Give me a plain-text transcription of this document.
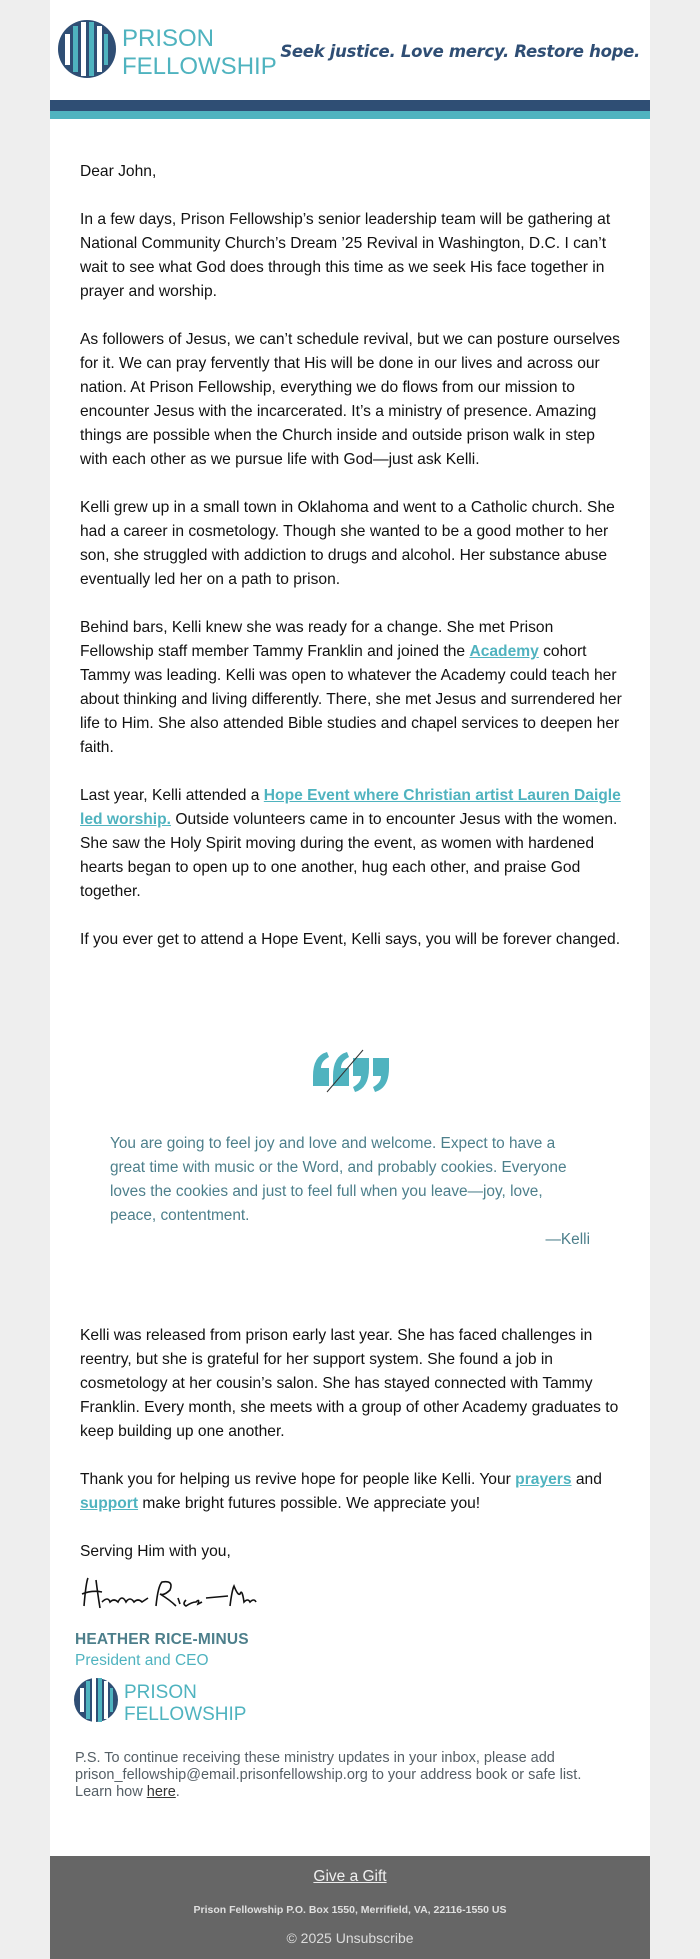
PRISON
FELLOWSHIP
Seek justice. Love mercy. Restore hope.

Dear John,

In a few days, Prison Fellowship’s senior leadership team will be gathering at National Community Church’s Dream ’25 Revival in Washington, D.C. I can’t wait to see what God does through this time as we seek His face together in prayer and worship.

As followers of Jesus, we can’t schedule revival, but we can posture ourselves for it. We can pray fervently that His will be done in our lives and across our nation. At Prison Fellowship, everything we do flows from our mission to encounter Jesus with the incarcerated. It’s a ministry of presence. Amazing things are possible when the Church inside and outside prison walk in step with each other as we pursue life with God—just ask Kelli.

Kelli grew up in a small town in Oklahoma and went to a Catholic church. She had a career in cosmetology. Though she wanted to be a good mother to her son, she struggled with addiction to drugs and alcohol. Her substance abuse eventually led her on a path to prison.

Behind bars, Kelli knew she was ready for a change. She met Prison Fellowship staff member Tammy Franklin and joined the Academy cohort Tammy was leading. Kelli was open to whatever the Academy could teach her about thinking and living differently. There, she met Jesus and surrendered her life to Him. She also attended Bible studies and chapel services to deepen her faith.

Last year, Kelli attended a Hope Event where Christian artist Lauren Daigle led worship. Outside volunteers came in to encounter Jesus with the women. She saw the Holy Spirit moving during the event, as women with hardened hearts began to open up to one another, hug each other, and praise God together.

If you ever get to attend a Hope Event, Kelli says, you will be forever changed.

You are going to feel joy and love and welcome. Expect to have a great time with music or the Word, and probably cookies. Everyone loves the cookies and just to feel full when you leave—joy, love, peace, contentment.
—Kelli

Kelli was released from prison early last year. She has faced challenges in reentry, but she is grateful for her support system. She found a job in cosmetology at her cousin’s salon. She has stayed connected with Tammy Franklin. Every month, she meets with a group of other Academy graduates to keep building up one another.

Thank you for helping us revive hope for people like Kelli. Your prayers and support make bright futures possible. We appreciate you!

Serving Him with you,

HEATHER RICE-MINUS
President and CEO
PRISON
FELLOWSHIP
P.S. To continue receiving these ministry updates in your inbox, please add prison_fellowship@email.prisonfellowship.org to your address book or safe list. Learn how here.
Give a Gift
Prison Fellowship P.O. Box 1550, Merrifield, VA, 22116-1550 US
© 2025 Unsubscribe
